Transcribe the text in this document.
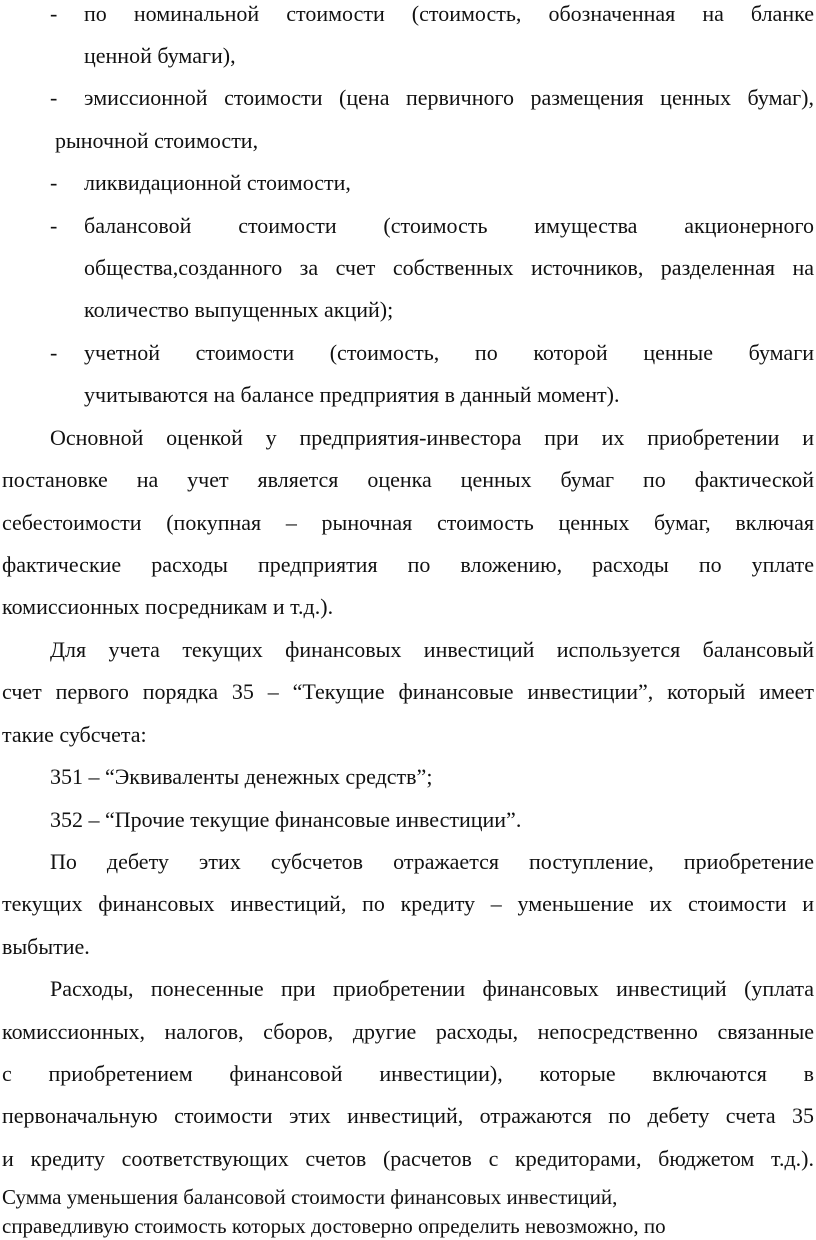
-	по номинальной стоимости (стоимость, обозначенная на бланке
ценной бумаги),
-	эмиссионной стоимости (цена первичного размещения ценных бумаг),
рыночной стоимости,
-	ликвидационной стоимости,
-	балансовой стоимости (стоимость имущества акционерного
общества,созданного за счет собственных источников, разделенная на
количество выпущенных акций);
-	учетной стоимости (стоимость, по которой ценные бумаги
учитываются на балансе предприятия в данный момент).
Основной оценкой у предприятия-инвестора при их приобретении и
постановке на учет является оценка ценных бумаг по фактической
себестоимости (покупная – рыночная стоимость ценных бумаг, включая
фактические расходы предприятия по вложению, расходы по уплате
комиссионных посредникам и т.д.).
Для учета текущих финансовых инвестиций используется балансовый
счет первого порядка 35 – “Текущие финансовые инвестиции”, который имеет
такие субсчета:
351 – “Эквиваленты денежных средств”;
352 – “Прочие текущие финансовые инвестиции”.
По дебету этих субсчетов отражается поступление, приобретение
текущих финансовых инвестиций, по кредиту – уменьшение их стоимости и
выбытие.
Расходы, понесенные при приобретении финансовых инвестиций (уплата
комиссионных, налогов, сборов, другие расходы, непосредственно связанные
с приобретением финансовой инвестиции), которые включаются в
первоначальную стоимости этих инвестиций, отражаются по дебету счета 35
и кредиту соответствующих счетов (расчетов с кредиторами, бюджетом т.д.).
Сумма уменьшения балансовой стоимости финансовых инвестиций,
справедливую стоимость которых достоверно определить невозможно, по
